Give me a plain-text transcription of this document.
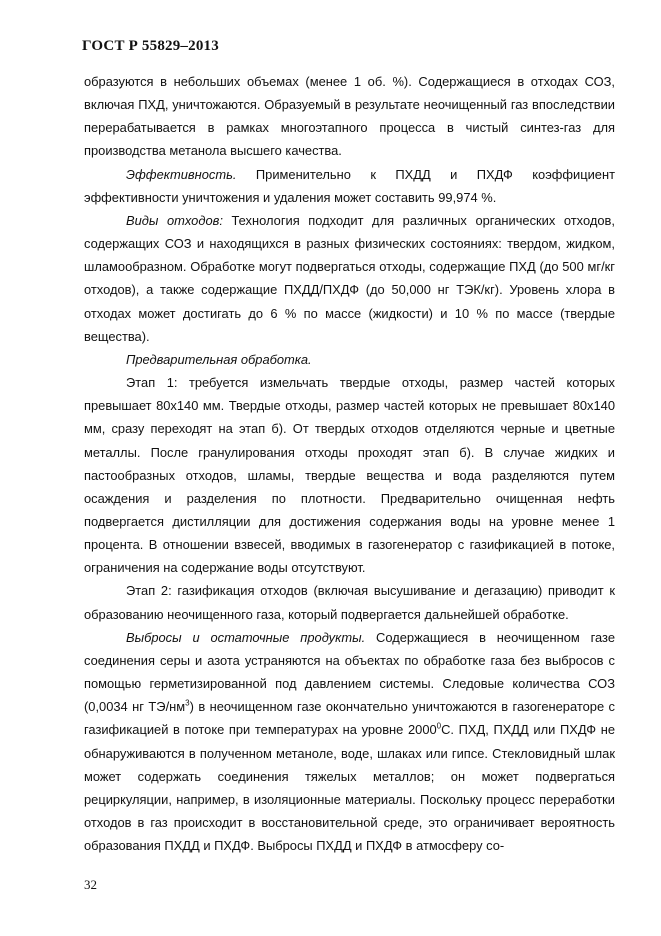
ГОСТ Р 55829–2013

образуются в небольших объемах (менее 1 об. %). Содержащиеся в отходах СОЗ, включая ПХД, уничтожаются. Образуемый в результате неочищенный газ впоследствии перерабатывается в рамках многоэтапного процесса в чистый синтез-газ для производства метанола высшего качества.

Эффективность. Применительно к ПХДД и ПХДФ коэффициент эффективности уничтожения и удаления может составить 99,974 %.

Виды отходов: Технология подходит для различных органических отходов, содержащих СОЗ и находящихся в разных физических состояниях: твердом, жидком, шламообразном. Обработке могут подвергаться отходы, содержащие ПХД (до 500 мг/кг отходов), а также содержащие ПХДД/ПХДФ (до 50,000 нг ТЭК/кг). Уровень хлора в отходах может достигать до 6 % по массе (жидкости) и 10 % по массе (твердые вещества).

Предварительная обработка.

Этап 1: требуется измельчать твердые отходы, размер частей которых превышает 80x140 мм. Твердые отходы, размер частей которых не превышает 80x140 мм, сразу переходят на этап б). От твердых отходов отделяются черные и цветные металлы. После гранулирования отходы проходят этап б). В случае жидких и пастообразных отходов, шламы, твердые вещества и вода разделяются путем осаждения и разделения по плотности. Предварительно очищенная нефть подвергается дистилляции для достижения содержания воды на уровне менее 1 процента. В отношении взвесей, вводимых в газогенератор с газификацией в потоке, ограничения на содержание воды отсутствуют.

Этап 2: газификация отходов (включая высушивание и дегазацию) приводит к образованию неочищенного газа, который подвергается дальнейшей обработке.

Выбросы и остаточные продукты. Содержащиеся в неочищенном газе соединения серы и азота устраняются на объектах по обработке газа без выбросов с помощью герметизированной под давлением системы. Следовые количества СОЗ (0,0034 нг $ТЭ/нм^3$) в неочищенном газе окончательно уничтожаются в газогенераторе с газификацией в потоке при температурах на уровне 2000$^0$С. ПХД, ПХДД или ПХДФ не обнаруживаются в полученном метаноле, воде, шлаках или гипсе. Стекловидный шлак может содержать соединения тяжелых металлов; он может подвергаться рециркуляции, например, в изоляционные материалы. Поскольку процесс переработки отходов в газ происходит в восстановительной среде, это ограничивает вероятность образования ПХДД и ПХДФ. Выбросы ПХДД и ПХДФ в атмосферу со-

32
